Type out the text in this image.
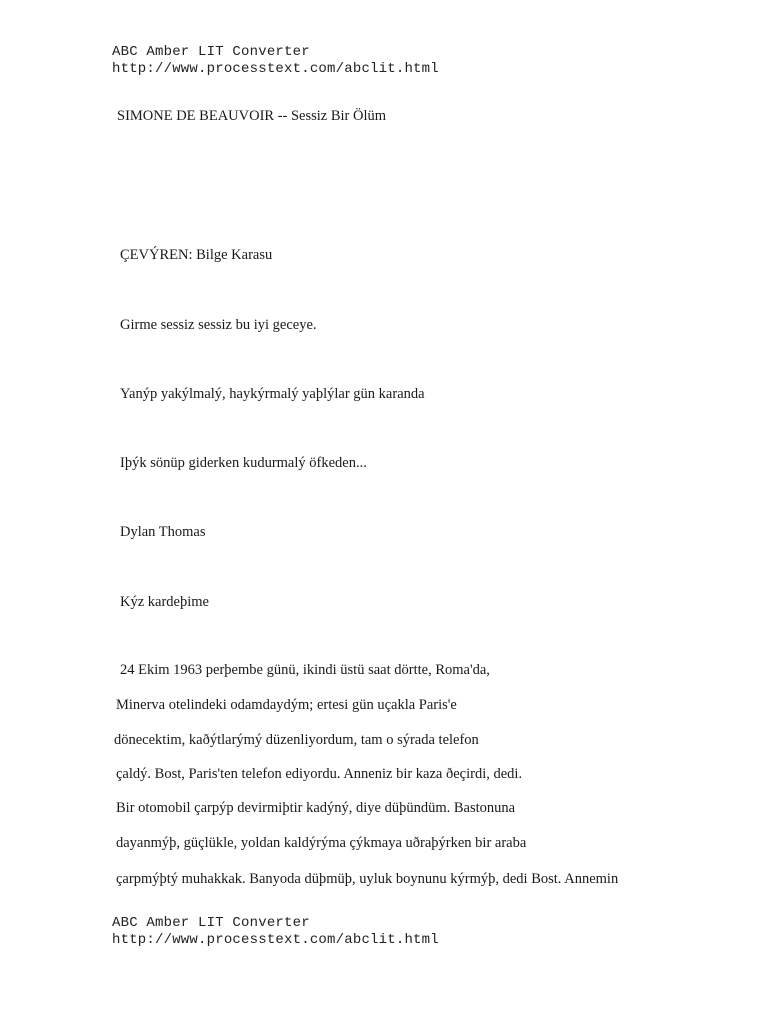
ABC Amber LIT Converter
http://www.processtext.com/abclit.html
SIMONE DE BEAUVOIR -- Sessiz Bir Ölüm
ÇEVÝREN: Bilge Karasu
Girme sessiz sessiz bu iyi geceye.
Yanýp yakýlmalý, haykýrmalý yaþlýlar gün karanda
Iþýk sönüp giderken kudurmalý öfkeden...
Dylan Thomas
Kýz kardeþime
24 Ekim 1963 perþembe günü, ikindi üstü saat dörtte, Roma'da,
Minerva otelindeki odamdaydým; ertesi gün uçakla Paris'e
dönecektim, kaðýtlarýmý düzenliyordum, tam o sýrada telefon
çaldý. Bost, Paris'ten telefon ediyordu. Anneniz bir kaza ðeçirdi, dedi.
Bir otomobil çarpýp devirmiþtir kadýný, diye düþündüm. Bastonuna
dayanmýþ, güçlükle, yoldan kaldýrýma çýkmaya uðraþýrken bir araba
çarpmýþtý muhakkak. Banyoda düþmüþ, uyluk boynunu kýrmýþ, dedi Bost. Annemin
ABC Amber LIT Converter
http://www.processtext.com/abclit.html
